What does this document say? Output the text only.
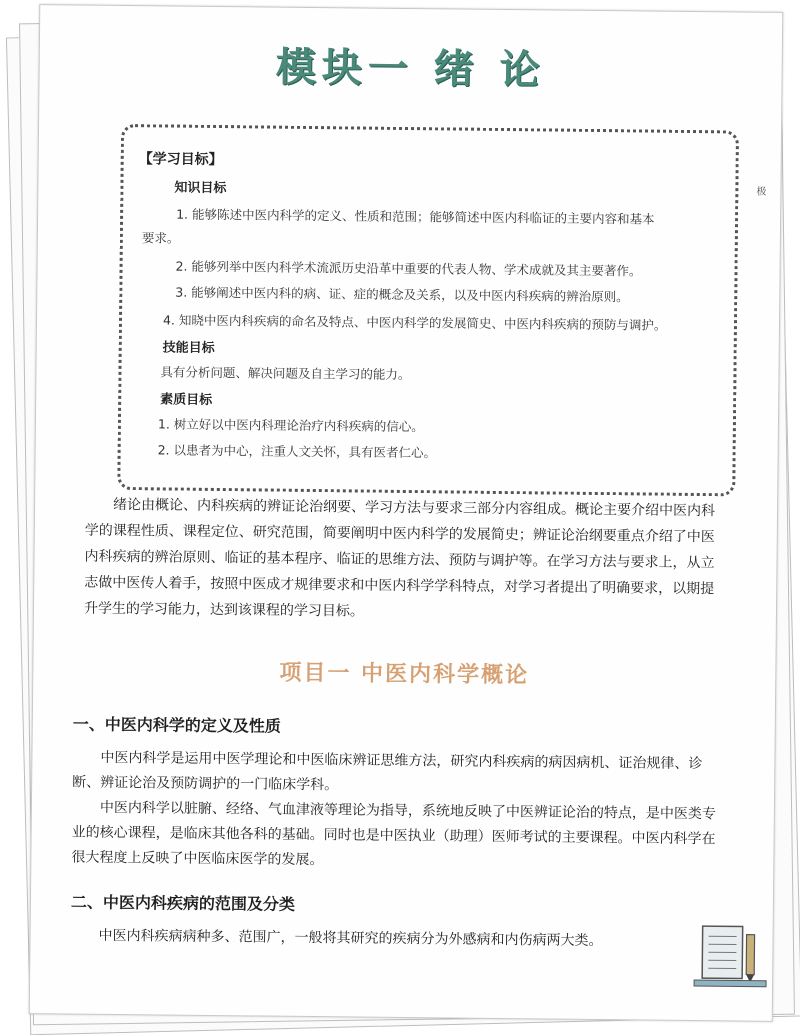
模块一 绪 论
【学习目标】
知识目标
1. 能够陈述中医内科学的定义、性质和范围；能够简述中医内科临证的主要内容和基本
要求。
2. 能够列举中医内科学术流派历史沿革中重要的代表人物、学术成就及其主要著作。
3. 能够阐述中医内科的病、证、症的概念及关系，以及中医内科疾病的辨治原则。
4. 知晓中医内科疾病的命名及特点、中医内科学的发展简史、中医内科疾病的预防与调护。
技能目标
具有分析问题、解决问题及自主学习的能力。
素质目标
1. 树立好以中医内科理论治疗内科疾病的信心。
2. 以患者为中心，注重人文关怀，具有医者仁心。

绪论由概论、内科疾病的辨证论治纲要、学习方法与要求三部分内容组成。概论主要介绍中医内科学的课程性质、课程定位、研究范围，简要阐明中医内科学的发展简史；辨证论治纲要重点介绍了中医内科疾病的辨治原则、临证的基本程序、临证的思维方法、预防与调护等。在学习方法与要求上，从立志做中医传人着手，按照中医成才规律要求和中医内科学学科特点，对学习者提出了明确要求，以期提升学生的学习能力，达到该课程的学习目标。

项目一 中医内科学概论
一、中医内科学的定义及性质

中医内科学是运用中医学理论和中医临床辨证思维方法，研究内科疾病的病因病机、证治规律、诊断、辨证论治及预防调护的一门临床学科。

中医内科学以脏腑、经络、气血津液等理论为指导，系统地反映了中医辨证论治的特点，是中医类专业的核心课程，是临床其他各科的基础。同时也是中医执业（助理）医师考试的主要课程。中医内科学在很大程度上反映了中医临床医学的发展。

二、中医内科疾病的范围及分类

中医内科疾病病种多、范围广，一般将其研究的疾病分为外感病和内伤病两大类。

极
